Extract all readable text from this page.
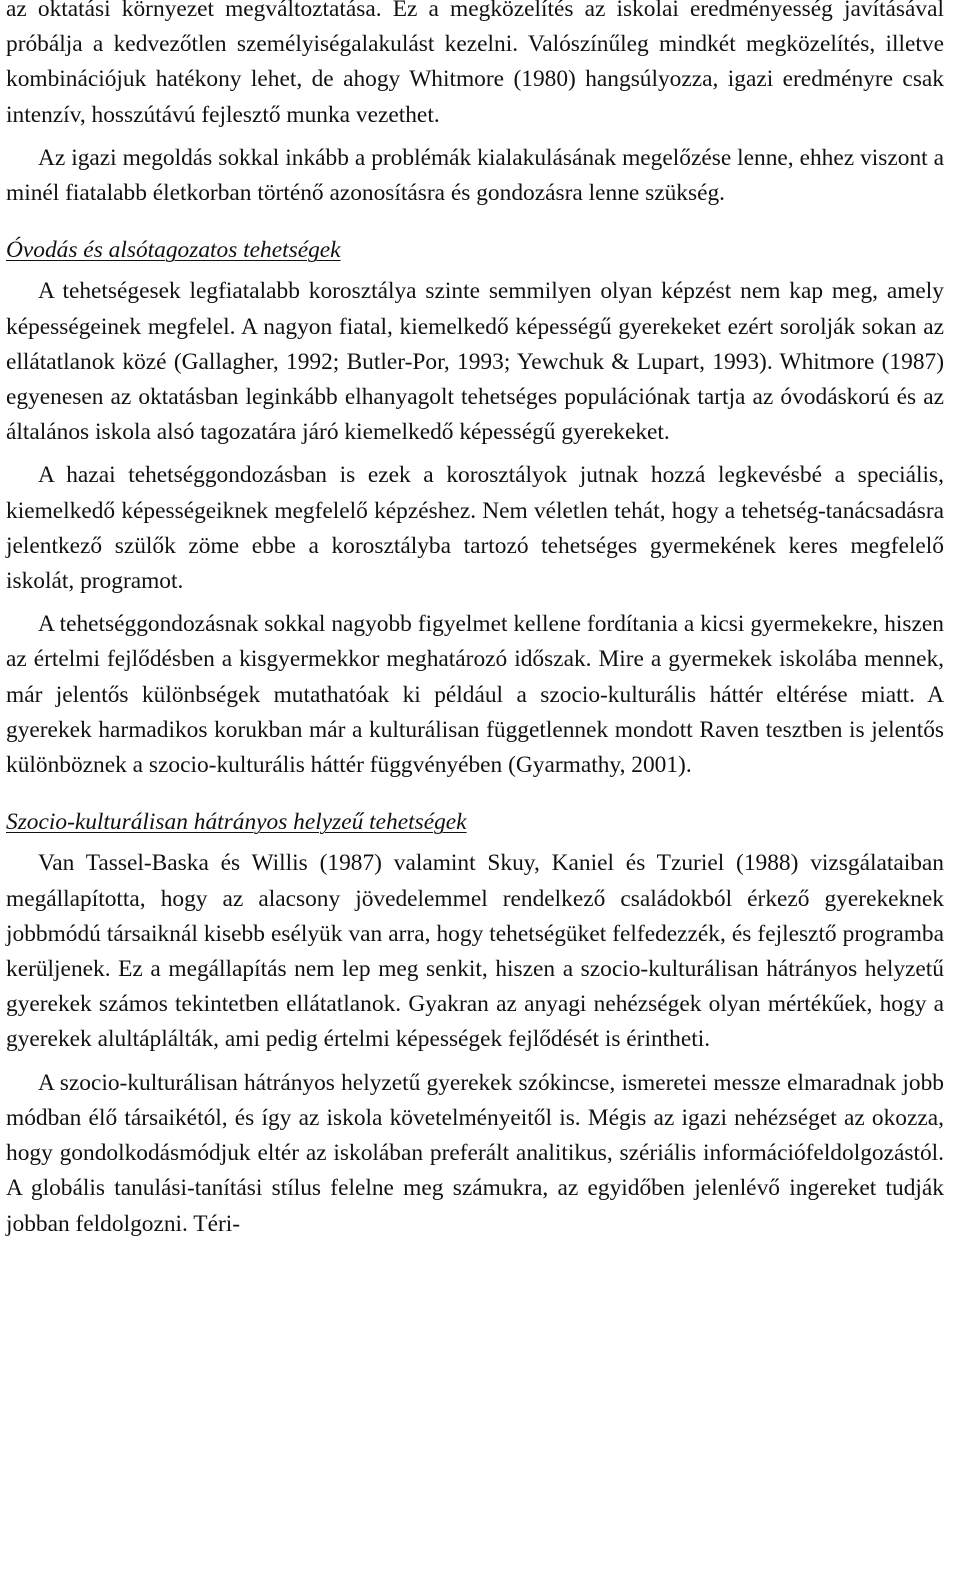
az oktatási környezet megváltoztatása. Ez a megközelítés az iskolai eredményesség javításával próbálja a kedvezőtlen személyiségalakulást kezelni. Valószínűleg mindkét megközelítés, illetve kombinációjuk hatékony lehet, de ahogy Whitmore (1980) hangsúlyozza, igazi eredményre csak intenzív, hosszútávú fejlesztő munka vezethet.

Az igazi megoldás sokkal inkább a problémák kialakulásának megelőzése lenne, ehhez viszont a minél fiatalabb életkorban történő azonosításra és gondozásra lenne szükség.

Óvodás és alsótagozatos tehetségek

A tehetségesek legfiatalabb korosztálya szinte semmilyen olyan képzést nem kap meg, amely képességeinek megfelel. A nagyon fiatal, kiemelkedő képességű gyerekeket ezért sorolják sokan az ellátatlanok közé (Gallagher, 1992; Butler-Por, 1993; Yewchuk & Lupart, 1993). Whitmore (1987) egyenesen az oktatásban leginkább elhanyagolt tehetséges populációnak tartja az óvodáskorú és az általános iskola alsó tagozatára járó kiemelkedő képességű gyerekeket.

A hazai tehetséggondozásban is ezek a korosztályok jutnak hozzá legkevésbé a speciális, kiemelkedő képességeiknek megfelelő képzéshez. Nem véletlen tehát, hogy a tehetség-tanácsadásra jelentkező szülők zöme ebbe a korosztályba tartozó tehetséges gyermekének keres megfelelő iskolát, programot.

A tehetséggondozásnak sokkal nagyobb figyelmet kellene fordítania a kicsi gyermekekre, hiszen az értelmi fejlődésben a kisgyermekkor meghatározó időszak. Mire a gyermekek iskolába mennek, már jelentős különbségek mutathatóak ki például a szocio-kulturális háttér eltérése miatt. A gyerekek harmadikos korukban már a kulturálisan függetlennek mondott Raven tesztben is jelentős különböznek a szocio-kulturális háttér függvényében (Gyarmathy, 2001).

Szocio-kulturálisan hátrányos helyzeű tehetségek

Van Tassel-Baska és Willis (1987) valamint Skuy, Kaniel és Tzuriel (1988) vizsgálataiban megállapította, hogy az alacsony jövedelemmel rendelkező családokból érkező gyerekeknek jobbmódú társaiknál kisebb esélyük van arra, hogy tehetségüket felfedezzék, és fejlesztő programba kerüljenek. Ez a megállapítás nem lep meg senkit, hiszen a szocio-kulturálisan hátrányos helyzetű gyerekek számos tekintetben ellátatlanok. Gyakran az anyagi nehézségek olyan mértékűek, hogy a gyerekek alultáplálták, ami pedig értelmi képességek fejlődését is érintheti.

A szocio-kulturálisan hátrányos helyzetű gyerekek szókincse, ismeretei messze elmaradnak jobb módban élő társaikétól, és így az iskola követelményeitől is. Mégis az igazi nehézséget az okozza, hogy gondolkodásmódjuk eltér az iskolában preferált analitikus, szériális információfeldolgozástól. A globális tanulási-tanítási stílus felelne meg számukra, az egyidőben jelenlévő ingereket tudják jobban feldolgozni. Téri-
